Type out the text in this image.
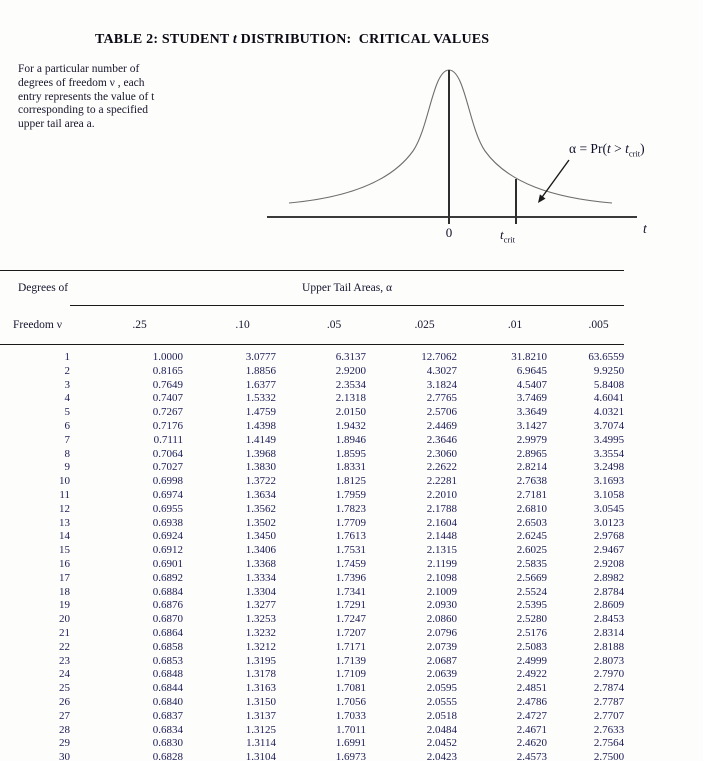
TABLE 2: STUDENT t DISTRIBUTION:  CRITICAL VALUES
For a particular number of
degrees of freedom ν , each
entry represents the value of t
corresponding to a specified
upper tail area a.
$\alpha = Pr(t > t_{crit})$
0	$t_{crit}$
t
Degrees of	Upper Tail Areas, α					
Freedom ν	.25	.10	.05	.025	.01	.005
1	1.0000	3.0777	6.3137	12.7062	31.8210	63.6559
2	0.8165	1.8856	2.9200	4.3027	6.9645	9.9250
3	0.7649	1.6377	2.3534	3.1824	4.5407	5.8408
4	0.7407	1.5332	2.1318	2.7765	3.7469	4.6041
5	0.7267	1.4759	2.0150	2.5706	3.3649	4.0321
6	0.7176	1.4398	1.9432	2.4469	3.1427	3.7074
7	0.7111	1.4149	1.8946	2.3646	2.9979	3.4995
8	0.7064	1.3968	1.8595	2.3060	2.8965	3.3554
9	0.7027	1.3830	1.8331	2.2622	2.8214	3.2498
10	0.6998	1.3722	1.8125	2.2281	2.7638	3.1693
11	0.6974	1.3634	1.7959	2.2010	2.7181	3.1058
12	0.6955	1.3562	1.7823	2.1788	2.6810	3.0545
13	0.6938	1.3502	1.7709	2.1604	2.6503	3.0123
14	0.6924	1.3450	1.7613	2.1448	2.6245	2.9768
15	0.6912	1.3406	1.7531	2.1315	2.6025	2.9467
16	0.6901	1.3368	1.7459	2.1199	2.5835	2.9208
17	0.6892	1.3334	1.7396	2.1098	2.5669	2.8982
18	0.6884	1.3304	1.7341	2.1009	2.5524	2.8784
19	0.6876	1.3277	1.7291	2.0930	2.5395	2.8609
20	0.6870	1.3253	1.7247	2.0860	2.5280	2.8453
21	0.6864	1.3232	1.7207	2.0796	2.5176	2.8314
22	0.6858	1.3212	1.7171	2.0739	2.5083	2.8188
23	0.6853	1.3195	1.7139	2.0687	2.4999	2.8073
24	0.6848	1.3178	1.7109	2.0639	2.4922	2.7970
25	0.6844	1.3163	1.7081	2.0595	2.4851	2.7874
26	0.6840	1.3150	1.7056	2.0555	2.4786	2.7787
27	0.6837	1.3137	1.7033	2.0518	2.4727	2.7707
28	0.6834	1.3125	1.7011	2.0484	2.4671	2.7633
29	0.6830	1.3114	1.6991	2.0452	2.4620	2.7564
30	0.6828	1.3104	1.6973	2.0423	2.4573	2.7500
